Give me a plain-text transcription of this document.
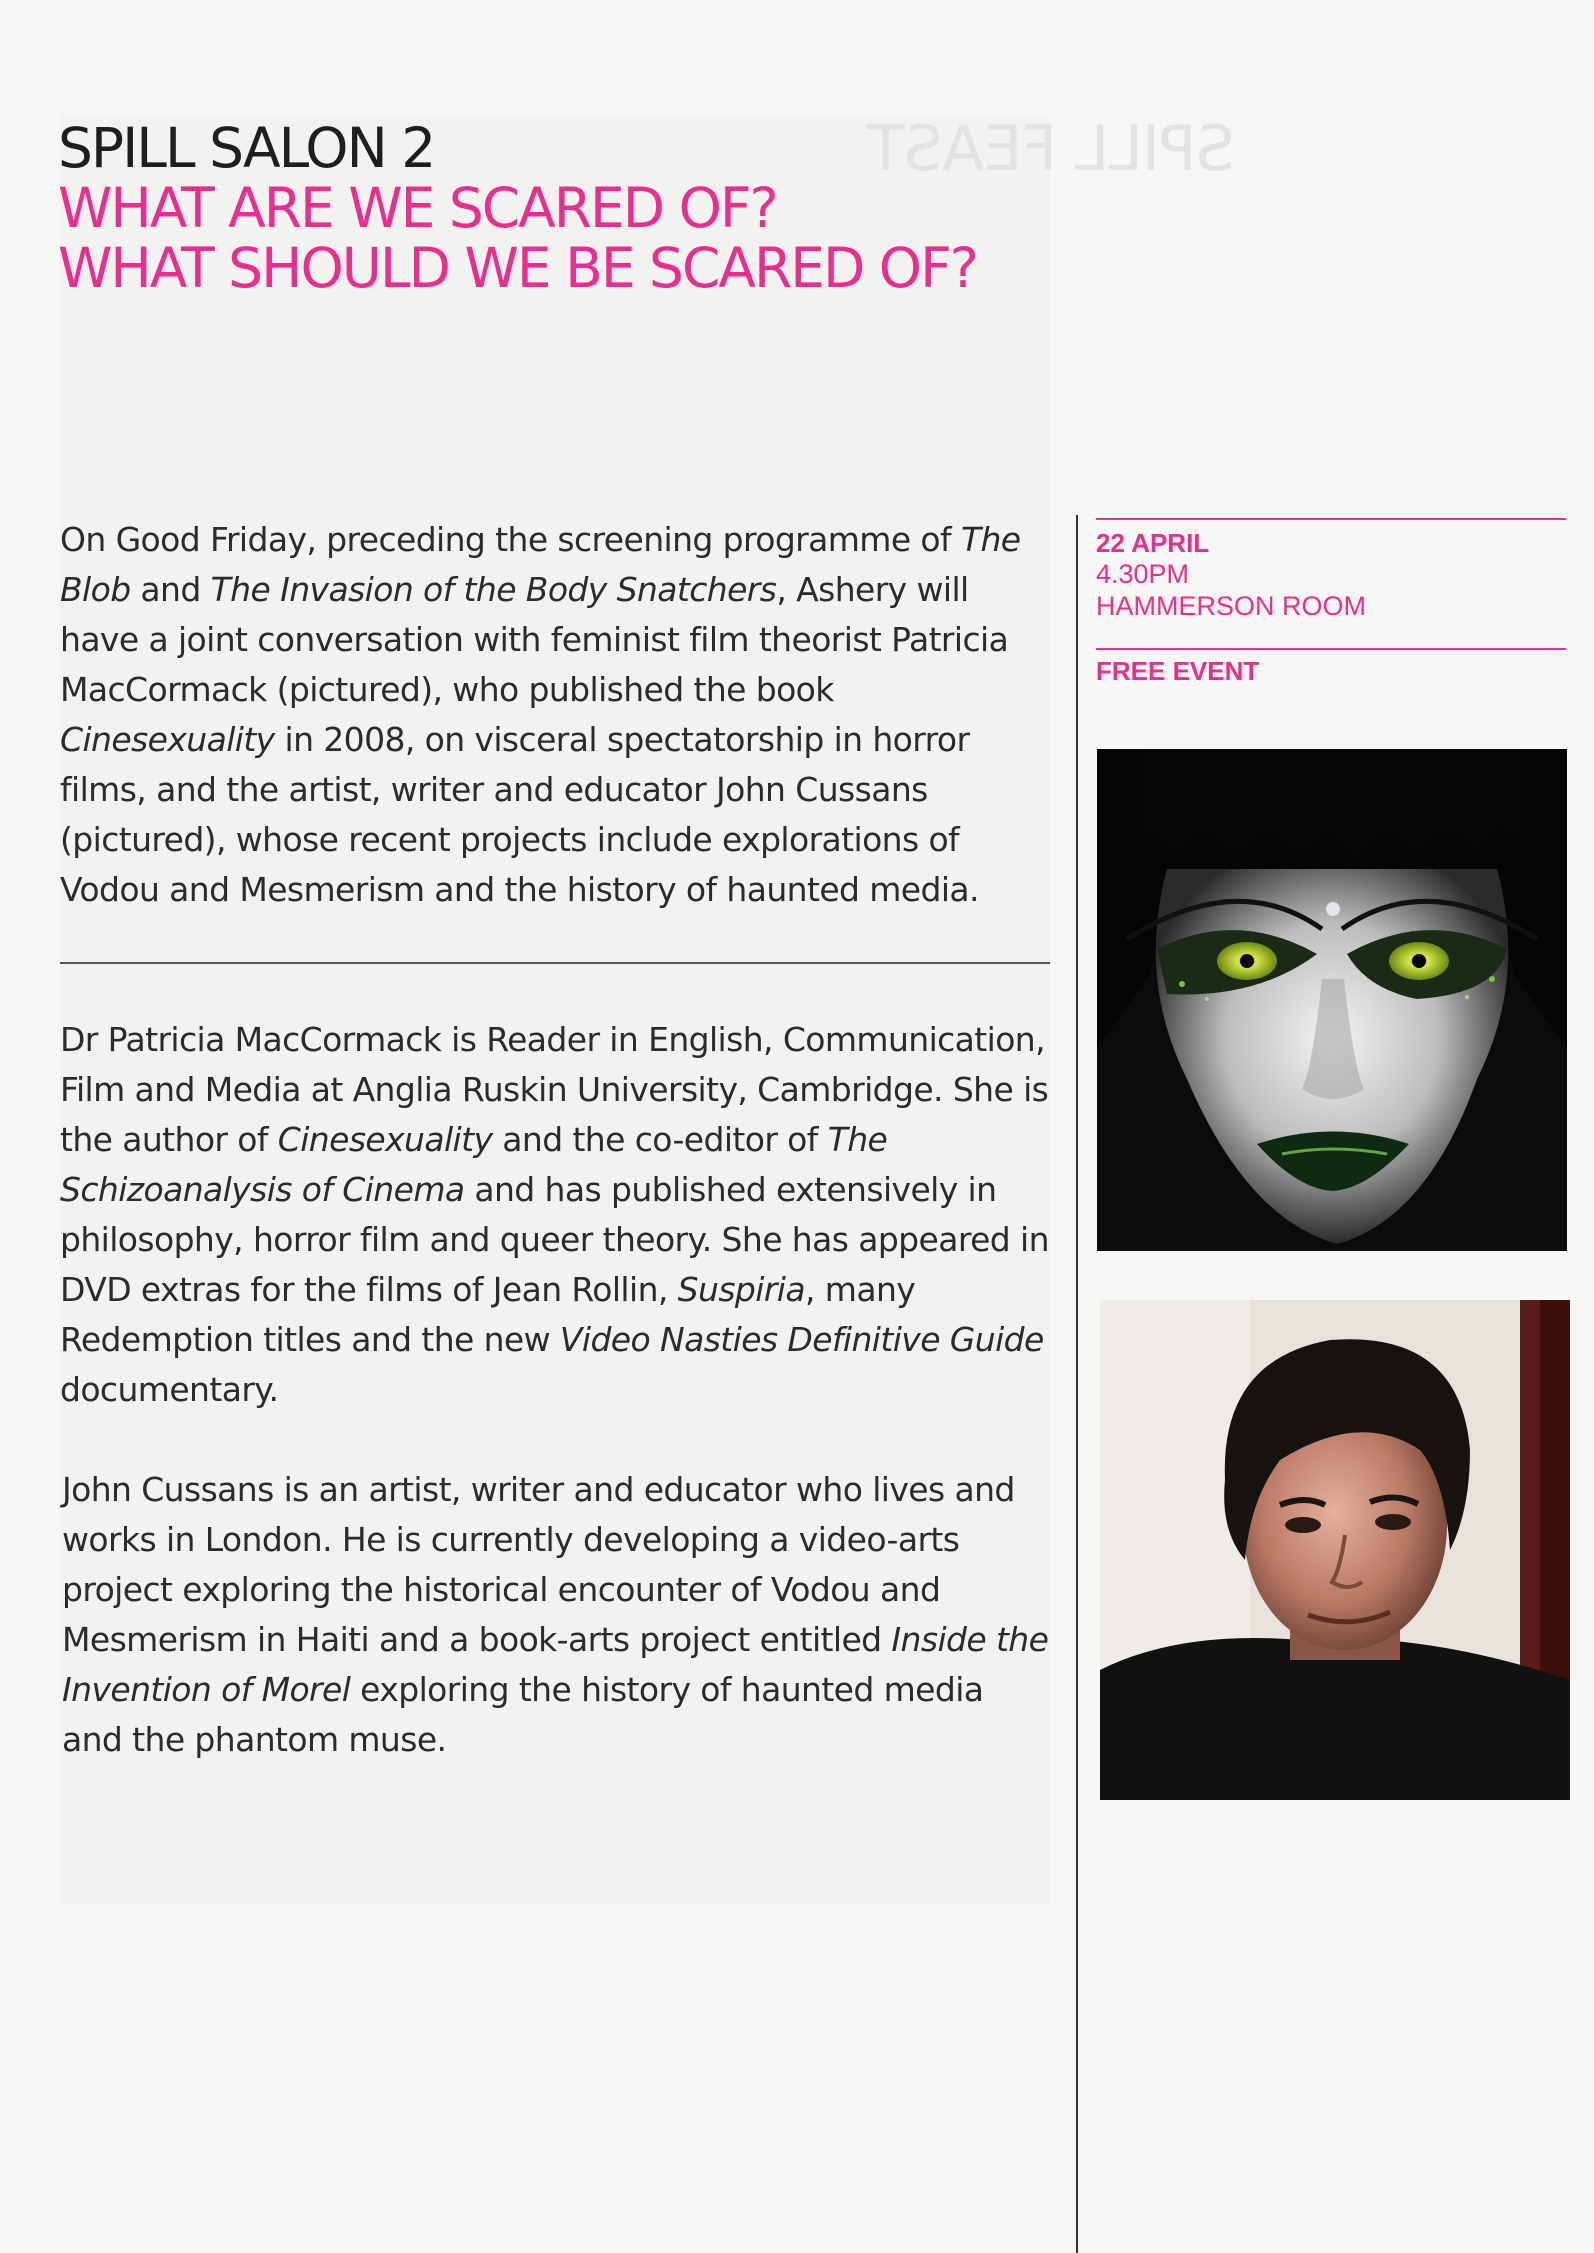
SPILL FEAST
SPILL SALON 2
WHAT ARE WE SCARED OF?
WHAT SHOULD WE BE SCARED OF?

On Good Friday, preceding the screening programme of The Blob and The Invasion of the Body Snatchers, Ashery will have a joint conversation with feminist film theorist Patricia MacCormack (pictured), who published the book Cinesexuality in 2008, on visceral spectatorship in horror films, and the artist, writer and educator John Cussans (pictured), whose recent projects include explorations of Vodou and Mesmerism and the history of haunted media.

Dr Patricia MacCormack is Reader in English, Communication, Film and Media at Anglia Ruskin University, Cambridge. She is the author of Cinesexuality and the co-editor of The Schizoanalysis of Cinema and has published extensively in philosophy, horror film and queer theory. She has appeared in DVD extras for the films of Jean Rollin, Suspiria, many Redemption titles and the new Video Nasties Definitive Guide documentary.

John Cussans is an artist, writer and educator who lives and works in London. He is currently developing a video-arts project exploring the historical encounter of Vodou and Mesmerism in Haiti and a book-arts project entitled Inside the Invention of Morel exploring the history of haunted media and the phantom muse.

22 APRIL
4.30PM
HAMMERSON ROOM
FREE EVENT
